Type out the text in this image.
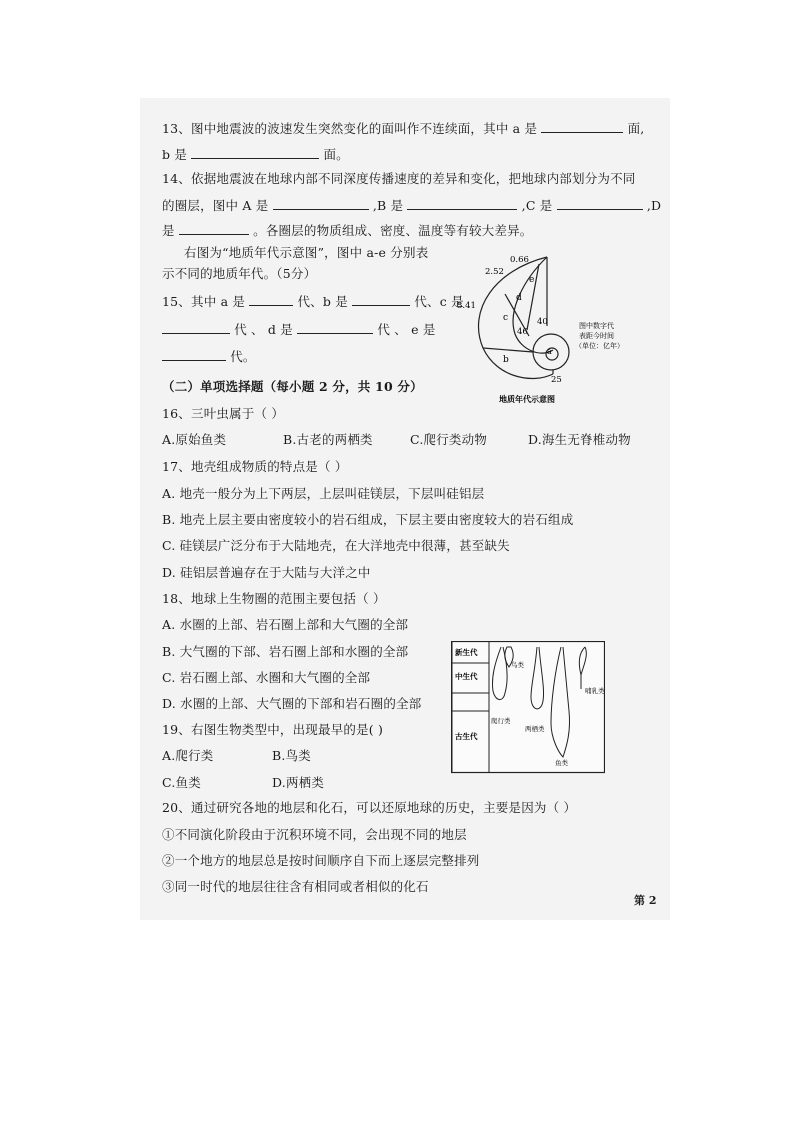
13、图中地震波的波速发生突然变化的面叫作不连续面，其中 a 是	面,
b 是	面。
14、依据地震波在地球内部不同深度传播速度的差异和变化，把地球内部划分为不同
的圈层，图中 A 是	,B 是	,C 是	,D
是	。各圈层的物质组成、密度、温度等有较大差异。
右图为“地质年代示意图”，图中 a-e 分别表
示不同的地质年代。（5分）
15、其中 a 是	代、b 是	代、c 是
代 、 d 是	代 、 e 是
代。
e
d
c
b
a
0.66
2.52
5.41
46
40
25
图中数字代
表距今时间
（单位：亿年）
地质年代示意图
（二）单项选择题（每小题 2 分，共 10 分）
16、三叶虫属于（ ）
A.原始鱼类	B.古老的两栖类	C.爬行类动物	D.海生无脊椎动物
17、地壳组成物质的特点是（ ）
A. 地壳一般分为上下两层，上层叫硅镁层，下层叫硅铝层
B. 地壳上层主要由密度较小的岩石组成，下层主要由密度较大的岩石组成
C. 硅镁层广泛分布于大陆地壳，在大洋地壳中很薄，甚至缺失
D. 硅铝层普遍存在于大陆与大洋之中
18、地球上生物圈的范围主要包括（ ）
A. 水圈的上部、岩石圈上部和大气圈的全部
B. 大气圈的下部、岩石圈上部和水圈的全部
C. 岩石圈上部、水圈和大气圈的全部
D. 水圈的上部、大气圈的下部和岩石圈的全部
新生代
中生代
古生代
鸟类
哺乳类
爬行类
两栖类
鱼类
19、右图生物类型中，出现最早的是( )
A.爬行类	B.鸟类
C.鱼类	D.两栖类
20、通过研究各地的地层和化石，可以还原地球的历史，主要是因为（ ）
①不同演化阶段由于沉积环境不同，会出现不同的地层
②一个地方的地层总是按时间顺序自下而上逐层完整排列
③同一时代的地层往往含有相同或者相似的化石
第 2
